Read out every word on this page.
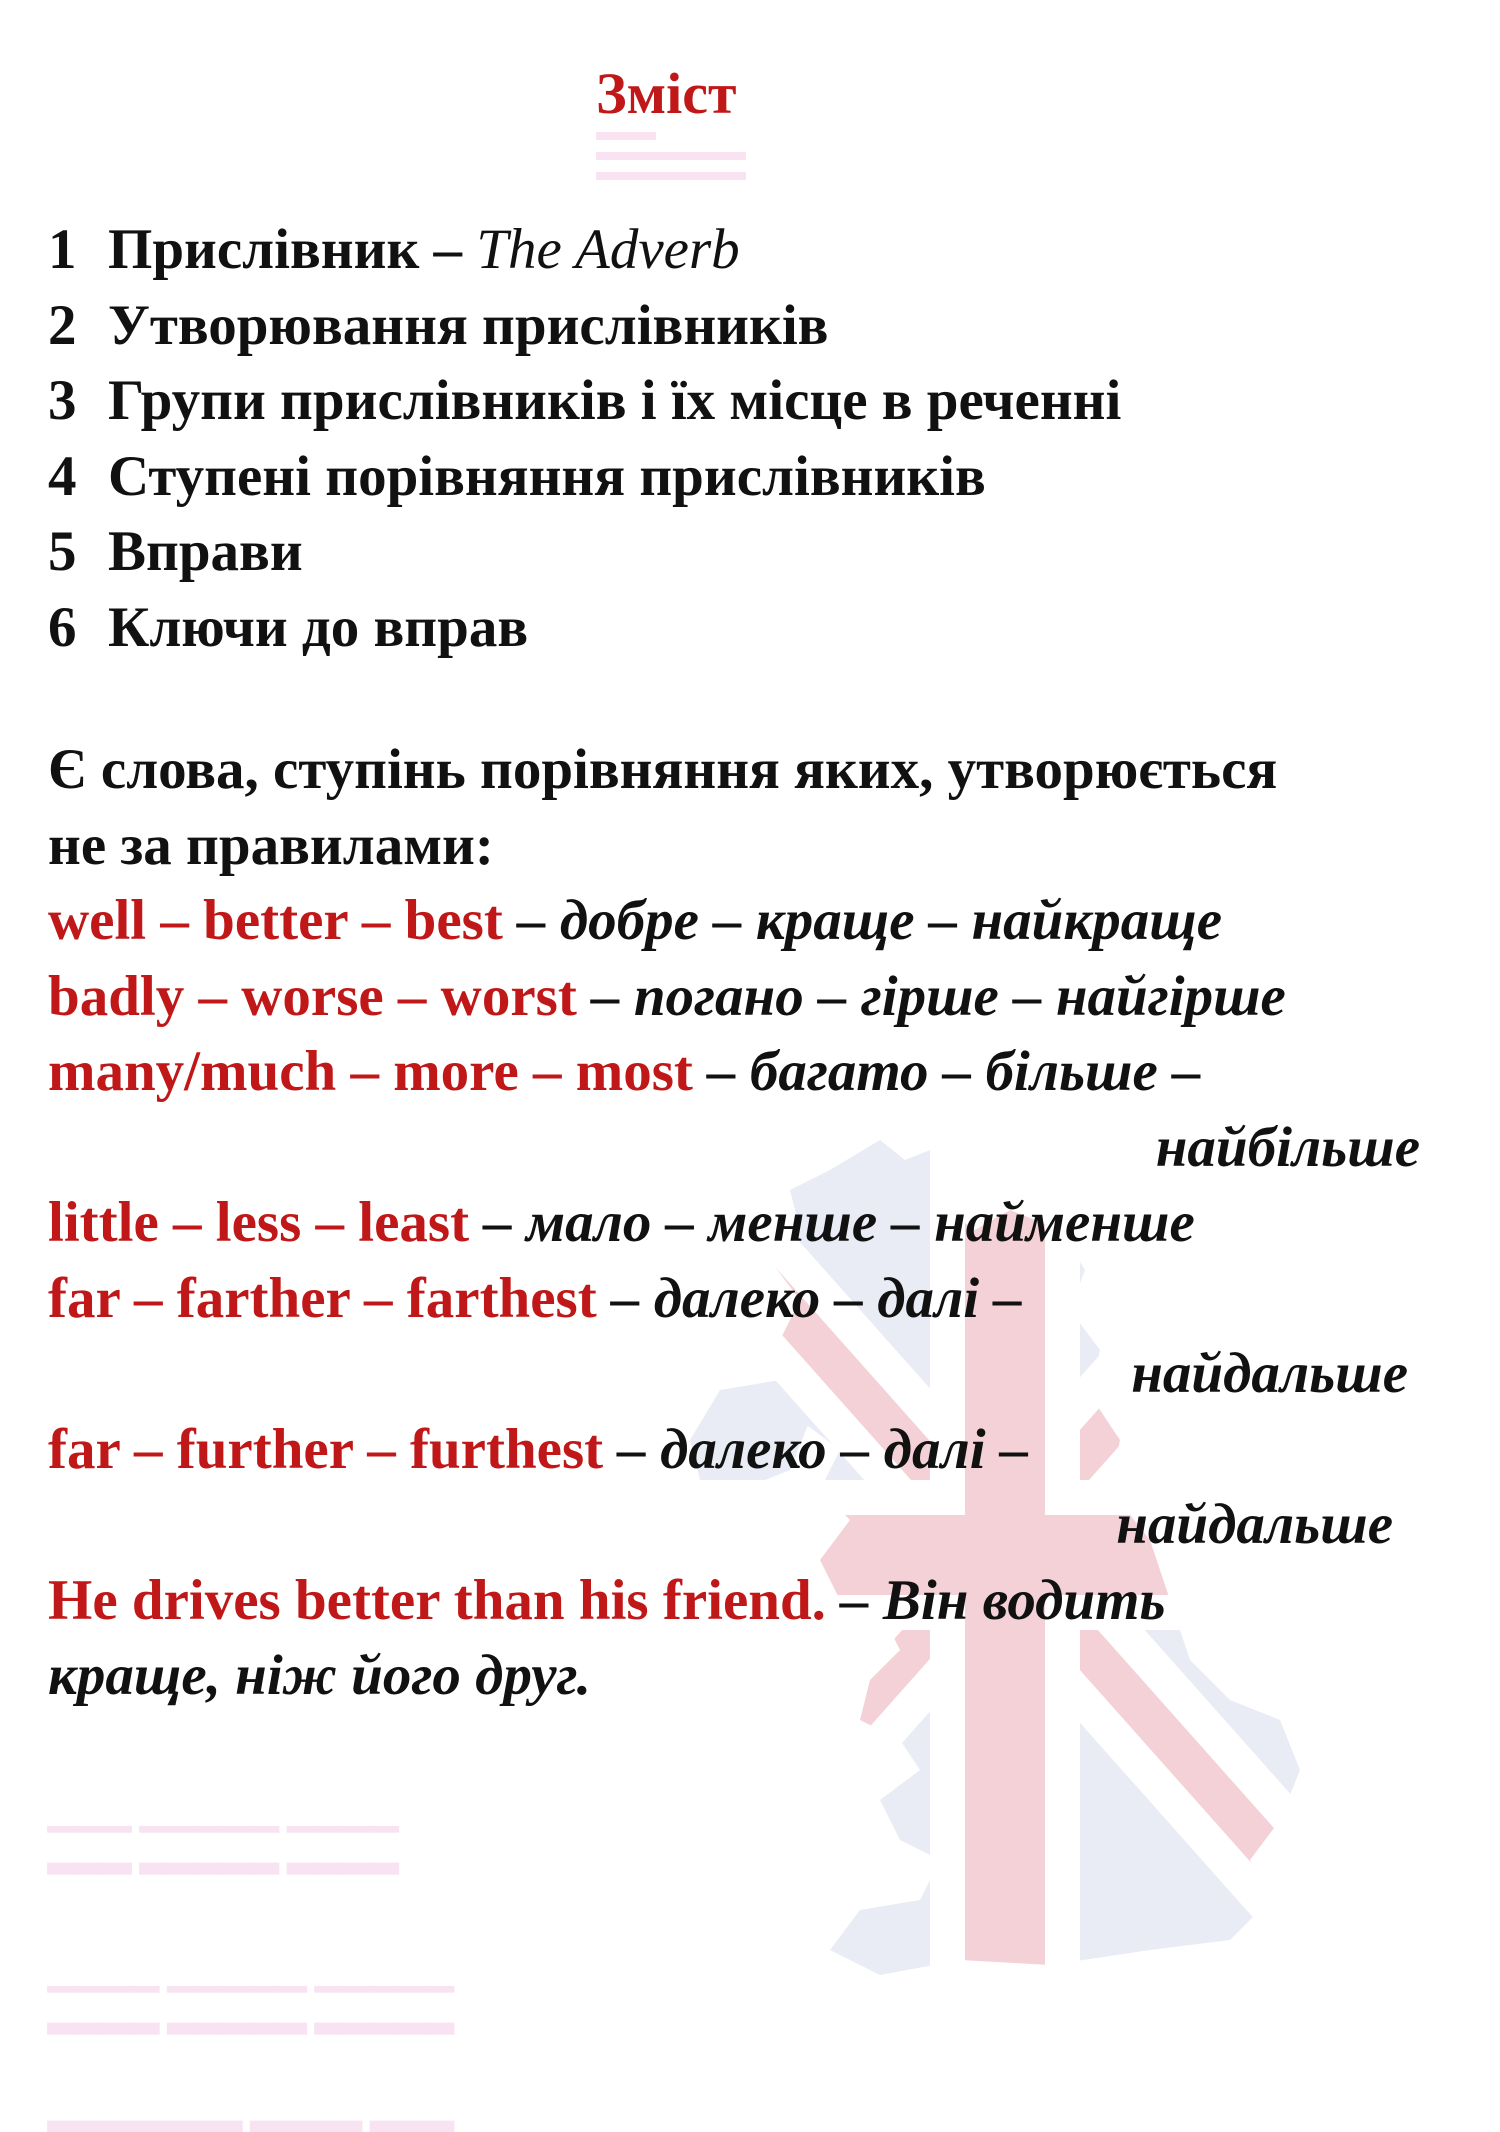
Зміст
1 Прислівник – The Adverb
2 Утворювання прислівників
3 Групи прислівників і їх місце в реченні
4 Ступені порівняння прислівників
5 Вправи
6 Ключи до вправ
Є слова, ступінь порівняння яких, утворюється
не за правилами:
well – better – best – добре – краще – найкраще
badly – worse – worst – погано – гірше – найгірше
many/much – more – most – багато – більше –
найбільше
little – less – least – мало – менше – найменше
far – farther – farthest – далеко – далі –
найдальше
far – further – furthest – далеко – далі –
найдальше
He drives better than his friend. – Він водить
краще, ніж його друг.
▁▁▁ ▁▁▁▁▁ ▁▁▁▁
▂▂▂ ▂▂▂▂▂ ▂▂▂▂
▁▁▁▁ ▁▁▁▁▁ ▁▁▁▁▁
▂▂▂▂ ▂▂▂▂▂ ▂▂▂▂▂
▂▂▂▂▂▂▂ ▂▂▂▂ ▂▂▂
